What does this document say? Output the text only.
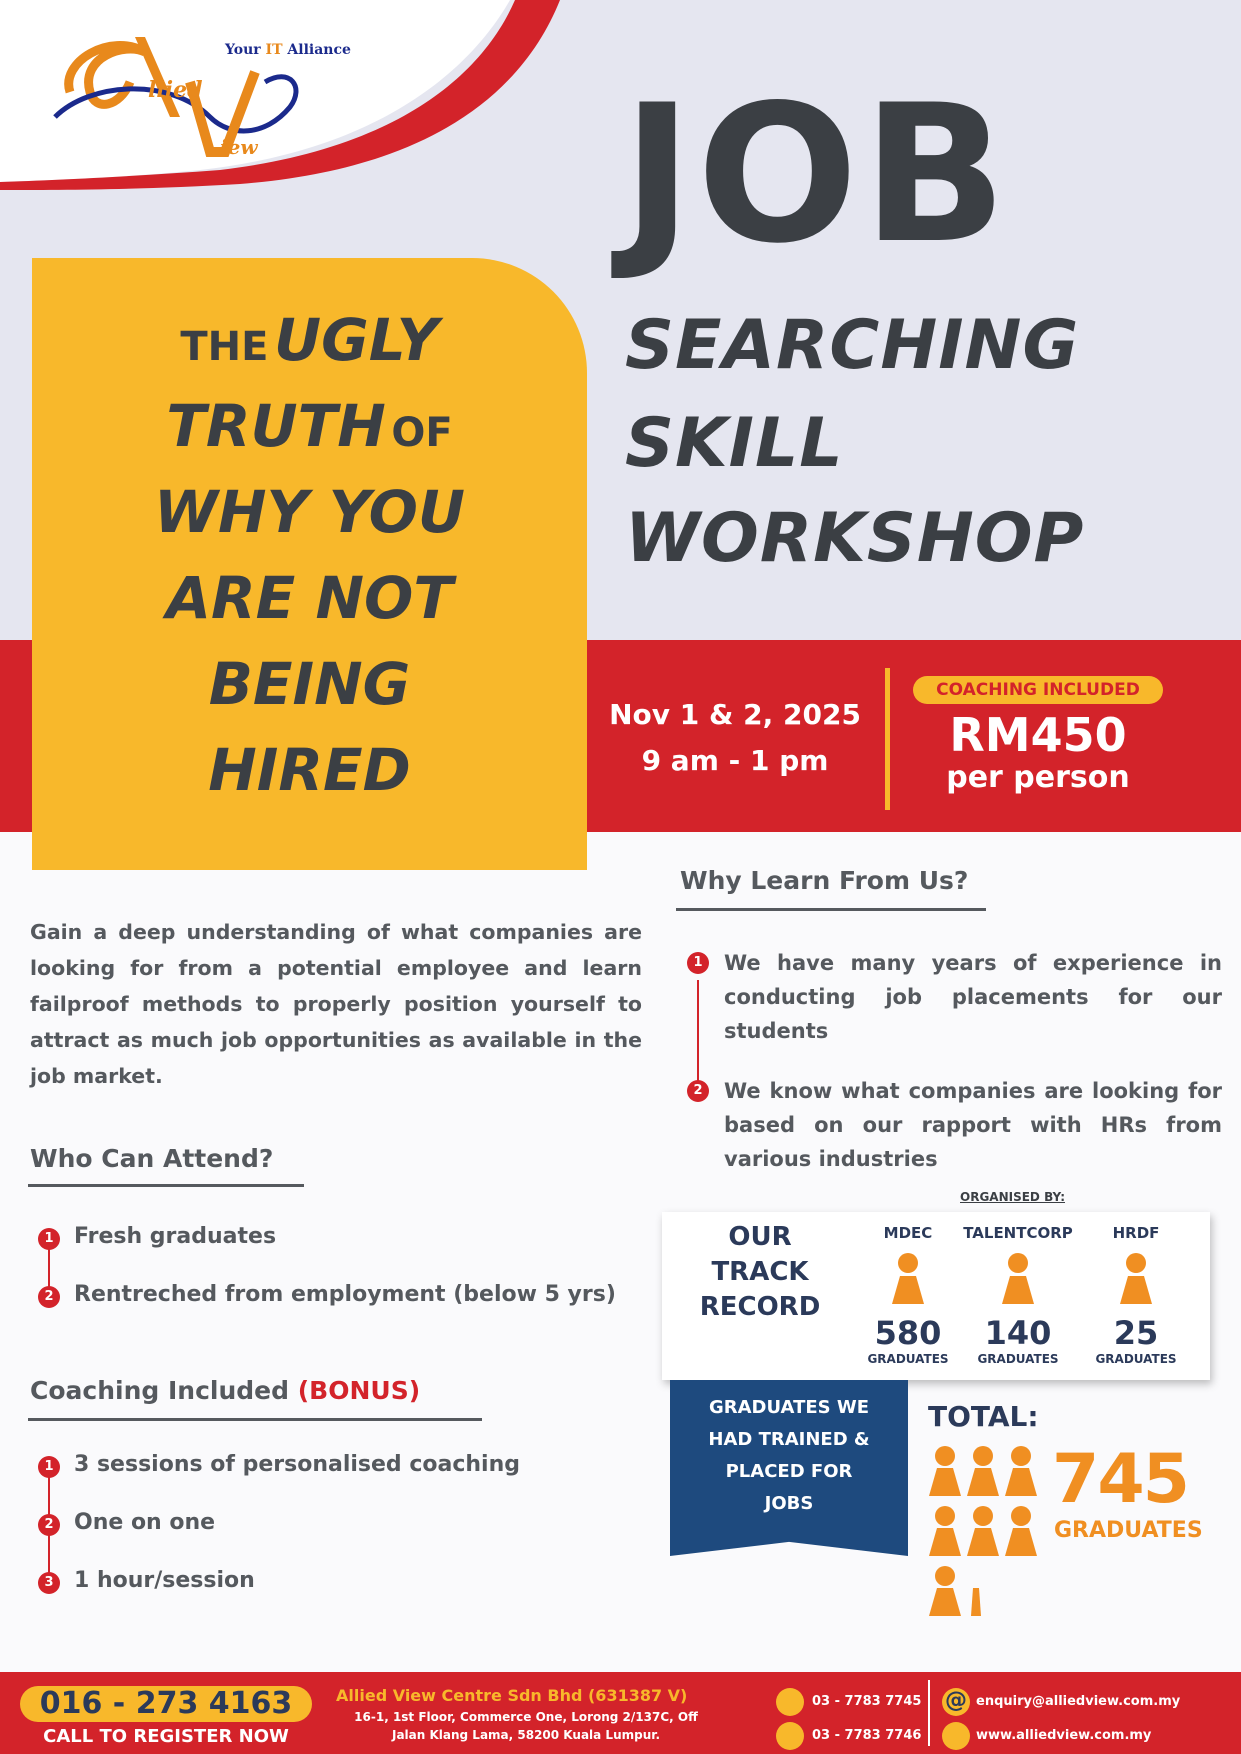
llied
iew
Your IT Alliance
THE UGLY
TRUTH OF
WHY YOU
ARE NOT
BEING
HIRED
JOB
SEARCHING
SKILL
WORKSHOP
Nov 1 & 2, 2025
9 am - 1 pm
COACHING INCLUDED
RM450
per person
Gain a deep understanding of what companies are looking for from a potential employee and learn failproof methods to properly position yourself to attract as much job opportunities as available in the job market.
Who Can Attend?
1 Fresh graduates
2 Rentreched from employment (below 5 yrs)
Coaching Included (BONUS)
1 3 sessions of personalised coaching
2 One on one
3 1 hour/session
Why Learn From Us?
1	We have many years of experience in conducting job placements for our students
2	We know what companies are looking for based on our rapport with HRs from various industries
ORGANISED BY:
OUR
TRACK
RECORD
MDEC	TALENTCORP	HRDF
580	140	25
GRADUATES	GRADUATES	GRADUATES
GRADUATES WE
HAD TRAINED &
PLACED FOR
JOBS
TOTAL:
745
GRADUATES
016 - 273 4163
CALL TO REGISTER NOW
Allied View Centre Sdn Bhd (631387 V)
16-1, 1st Floor, Commerce One, Lorong 2/137C, Off
Jalan Klang Lama, 58200 Kuala Lumpur.
03 - 7783 7745
03 - 7783 7746
@ enquiry@alliedview.com.my
www.alliedview.com.my
